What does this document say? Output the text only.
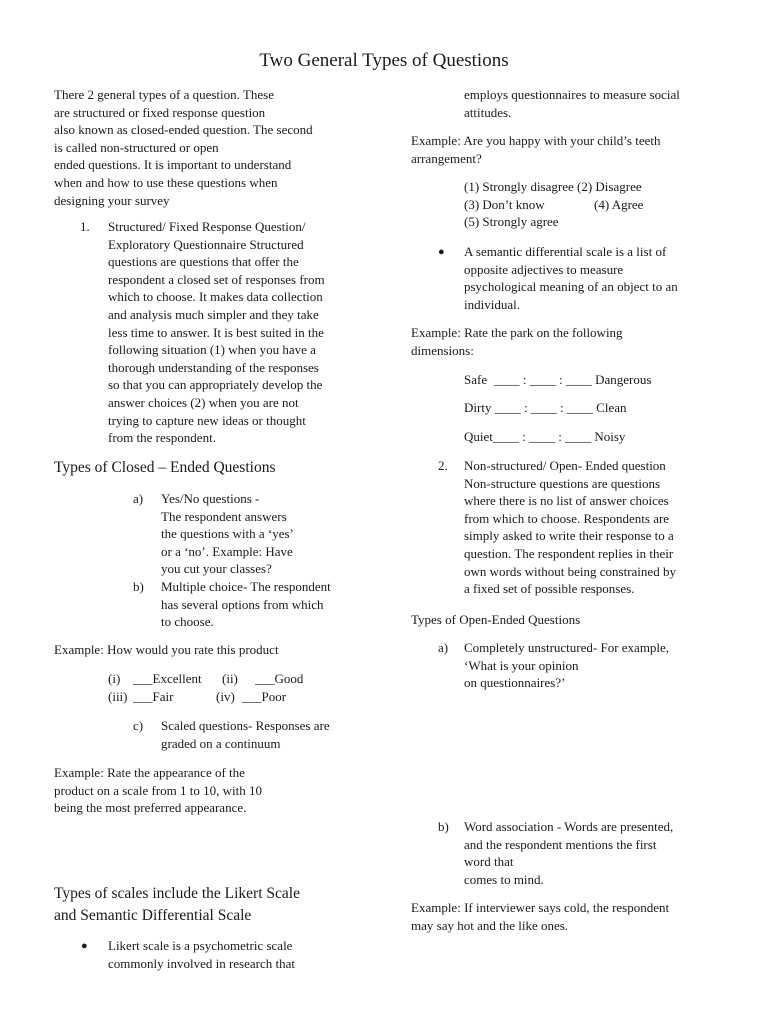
Two General Types of Questions
There 2 general types of a question. These
are structured or fixed response question
also known as closed-ended question. The second
is called non-structured or open
ended questions. It is important to understand
when and how to use these questions when
designing your survey
1. Structured/ Fixed Response Question/
Exploratory Questionnaire Structured
questions are questions that offer the
respondent a closed set of responses from
which to choose. It makes data collection
and analysis much simpler and they take
less time to answer. It is best suited in the
following situation (1) when you have a
thorough understanding of the responses
so that you can appropriately develop the
answer choices (2) when you are not
trying to capture new ideas or thought
from the respondent.
Types of Closed – Ended Questions
a) Yes/No questions -
The respondent answers
the questions with a ‘yes’
or a ‘no’. Example: Have
you cut your classes?
b) Multiple choice- The respondent
has several options from which
to choose.
Example: How would you rate this product
(i) ___Excellent (ii) ___Good
(iii) ___Fair	(iv) ___Poor
c) Scaled questions- Responses are
graded on a continuum
Example: Rate the appearance of the
product on a scale from 1 to 10, with 10
being the most preferred appearance.
Types of scales include the Likert Scale
and Semantic Differential Scale
● Likert scale is a psychometric scale
commonly involved in research that
employs questionnaires to measure social
attitudes.
Example: Are you happy with your child’s teeth
arrangement?
(1) Strongly disagree (2) Disagree
(3) Don’t know	(4) Agree
(5) Strongly agree
● A semantic differential scale is a list of
opposite adjectives to measure
psychological meaning of an object to an
individual.
Example: Rate the park on the following
dimensions:
Safe  ____ : ____ : ____ Dangerous
Dirty ____ : ____ : ____ Clean
Quiet____ : ____ : ____ Noisy
2. Non-structured/ Open- Ended question
Non-structure questions are questions
where there is no list of answer choices
from which to choose. Respondents are
simply asked to write their response to a
question. The respondent replies in their
own words without being constrained by
a fixed set of possible responses.
Types of Open-Ended Questions
a) Completely unstructured- For example,
‘What is your opinion
on questionnaires?’
b) Word association - Words are presented,
and the respondent mentions the first
word that
comes to mind.
Example: If interviewer says cold, the respondent
may say hot and the like ones.
